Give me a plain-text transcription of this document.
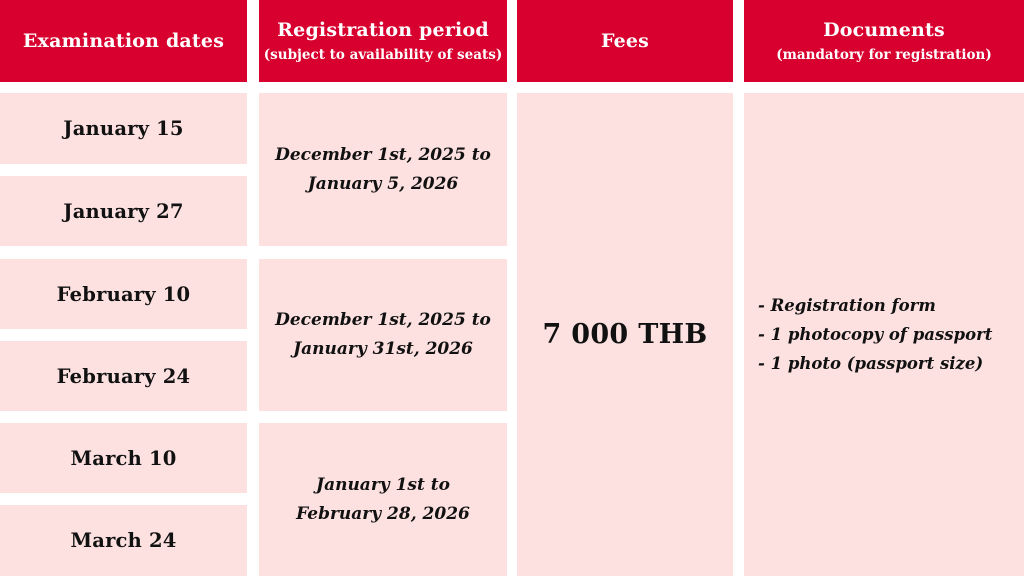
Examination dates	Registration period
(subject to availability of seats)
Fees	Documents
(mandatory for registration)
January 15
January 27
February 10
February 24
March 10
March 24
December 1st, 2025 to
January 5, 2026
December 1st, 2025 to
January 31st, 2026
January 1st to
February 28, 2026
7 000 THB
- Registration form
- 1 photocopy of passport
- 1 photo (passport size)
